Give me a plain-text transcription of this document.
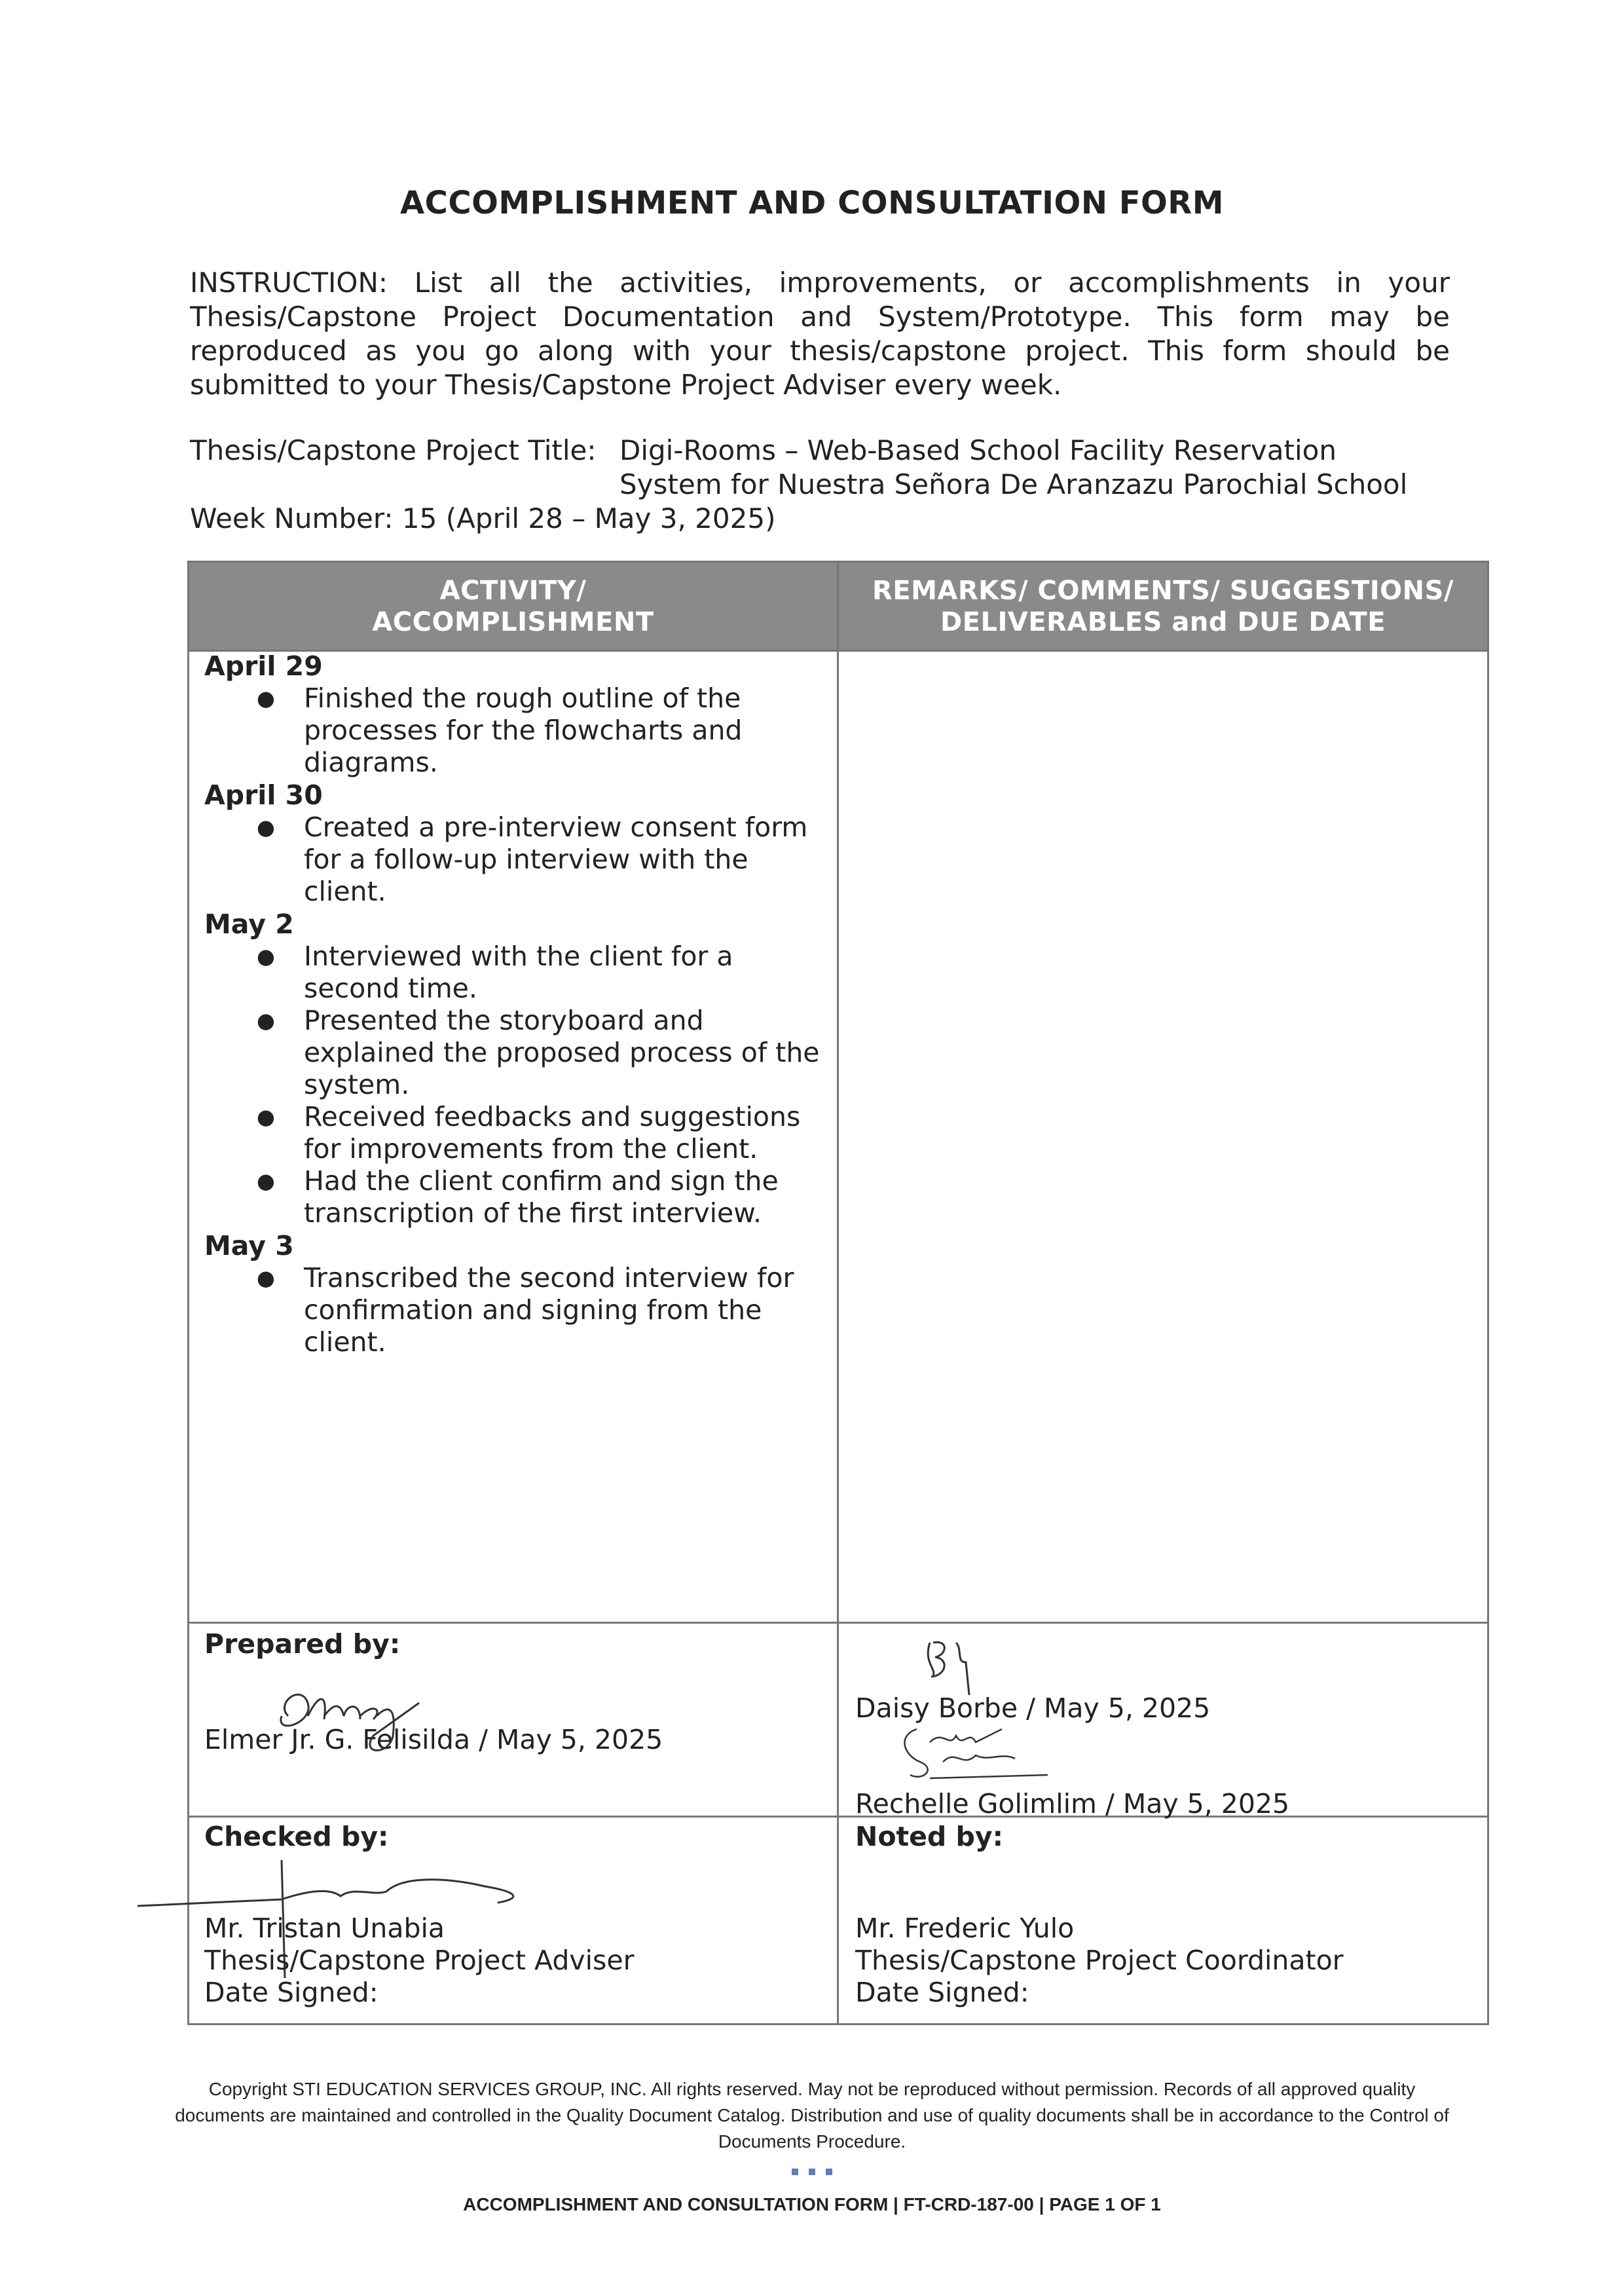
ACCOMPLISHMENT AND CONSULTATION FORM
INSTRUCTION: List all the activities, improvements, or accomplishments in your Thesis/Capstone Project Documentation and System/Prototype. This form may be reproduced as you go along with your thesis/capstone project. This form should be submitted to your Thesis/Capstone Project Adviser every week.
Thesis/Capstone Project Title: Digi-Rooms – Web-Based School Facility Reservation
System for Nuestra Señora De Aranzazu Parochial School
Week Number: 15 (April 28 – May 3, 2025)
ACTIVITY/
ACCOMPLISHMENT
REMARKS/ COMMENTS/ SUGGESTIONS/
DELIVERABLES and DUE DATE
April 29
● Finished the rough outline of the processes for the flowcharts and diagrams.
April 30
● Created a pre-interview consent form for a follow-up interview with the client.
May 2
● Interviewed with the client for a second time.
● Presented the storyboard and explained the proposed process of the system.
● Received feedbacks and suggestions for improvements from the client.
● Had the client confirm and sign the transcription of the first interview.
May 3
● Transcribed the second interview for confirmation and signing from the client.
Prepared by:
Elmer Jr. G. Felisilda / May 5, 2025
Daisy Borbe / May 5, 2025
Rechelle Golimlim / May 5, 2025
Checked by:
Mr. Tristan Unabia
Thesis/Capstone Project Adviser
Date Signed:
Noted by:
Mr. Frederic Yulo
Thesis/Capstone Project Coordinator
Date Signed:
Copyright STI EDUCATION SERVICES GROUP, INC. All rights reserved. May not be reproduced without permission. Records of all approved quality documents are maintained and controlled in the Quality Document Catalog. Distribution and use of quality documents shall be in accordance to the Control of Documents Procedure.
ACCOMPLISHMENT AND CONSULTATION FORM | FT-CRD-187-00 | PAGE 1 OF 1
